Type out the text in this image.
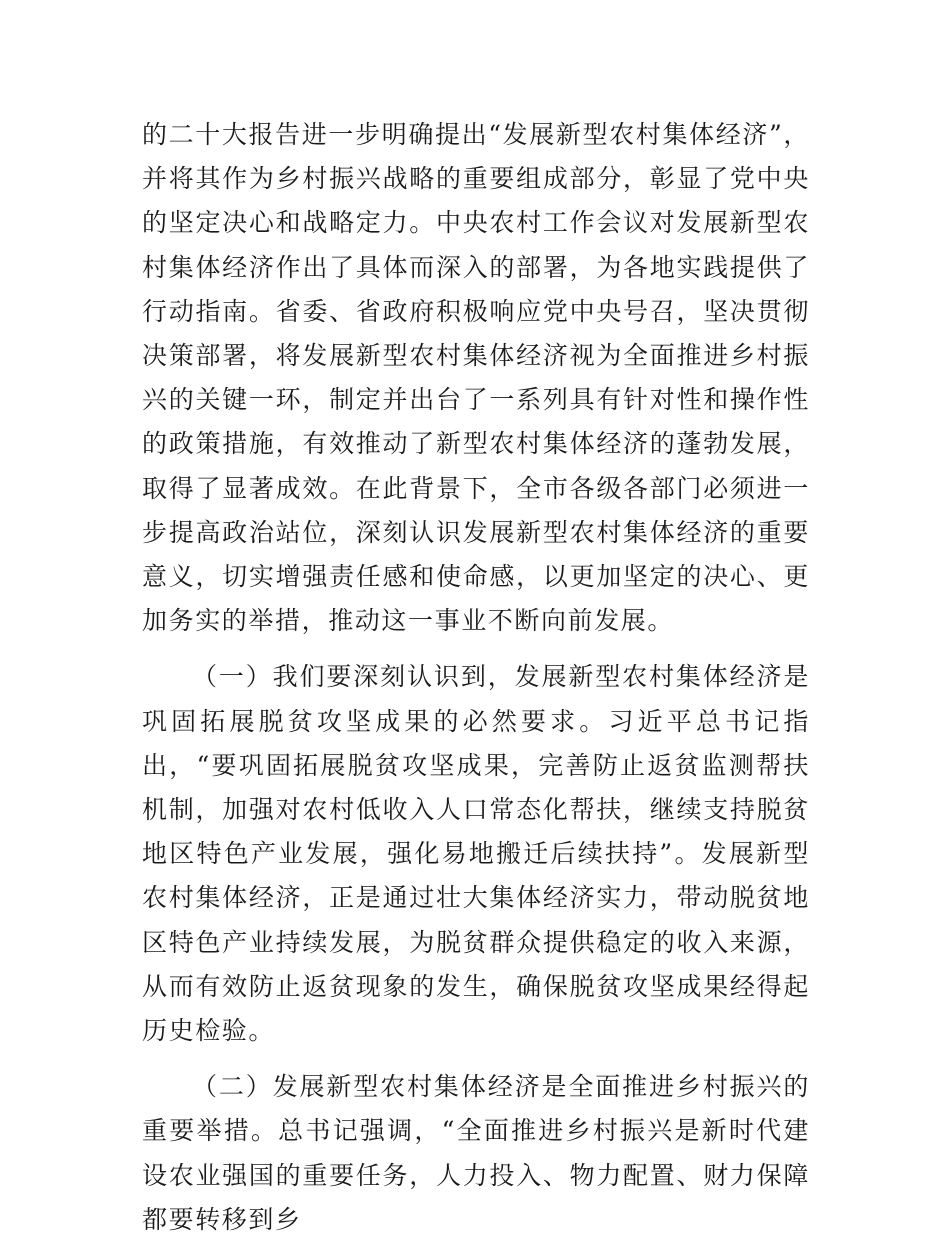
的二十大报告进一步明确提出“发展新型农村集体经济”，并将其作为乡村振兴战略的重要组成部分，彰显了党中央的坚定决心和战略定力。中央农村工作会议对发展新型农村集体经济作出了具体而深入的部署，为各地实践提供了行动指南。省委、省政府积极响应党中央号召，坚决贯彻决策部署，将发展新型农村集体经济视为全面推进乡村振兴的关键一环，制定并出台了一系列具有针对性和操作性的政策措施，有效推动了新型农村集体经济的蓬勃发展，取得了显著成效。在此背景下，全市各级各部门必须进一步提高政治站位，深刻认识发展新型农村集体经济的重要意义，切实增强责任感和使命感，以更加坚定的决心、更加务实的举措，推动这一事业不断向前发展。

（一）我们要深刻认识到，发展新型农村集体经济是巩固拓展脱贫攻坚成果的必然要求。习近平总书记指出，“要巩固拓展脱贫攻坚成果，完善防止返贫监测帮扶机制，加强对农村低收入人口常态化帮扶，继续支持脱贫地区特色产业发展，强化易地搬迁后续扶持”。发展新型农村集体经济，正是通过壮大集体经济实力，带动脱贫地区特色产业持续发展，为脱贫群众提供稳定的收入来源，从而有效防止返贫现象的发生，确保脱贫攻坚成果经得起历史检验。

（二）发展新型农村集体经济是全面推进乡村振兴的重要举措。总书记强调，“全面推进乡村振兴是新时代建设农业强国的重要任务，人力投入、物力配置、财力保障都要转移到乡
